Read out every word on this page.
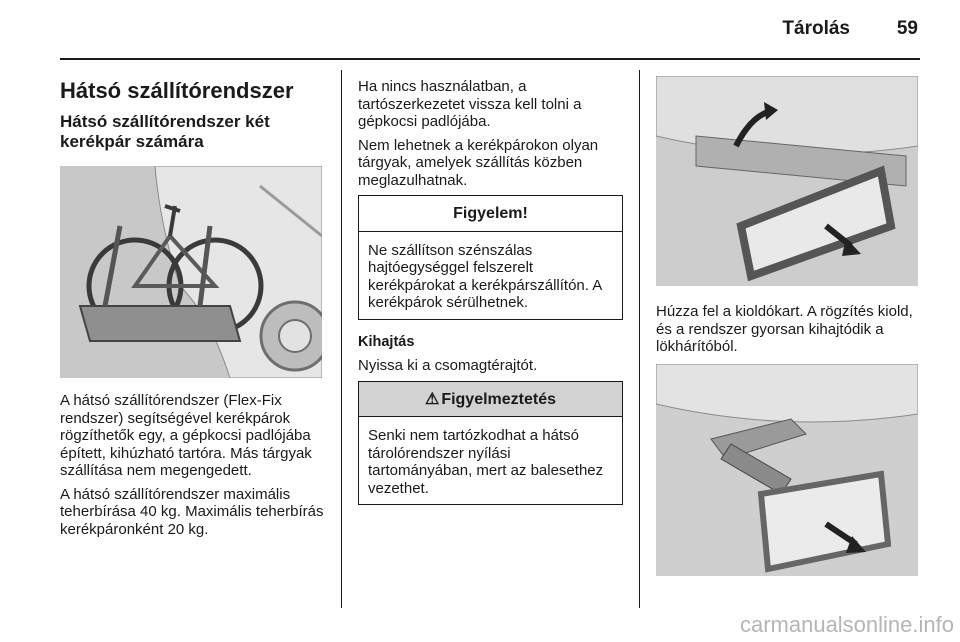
Tárolás	59
Hátsó szállítórendszer
Hátsó szállítórendszer két kerékpár számára

A hátsó szállítórendszer (Flex-Fix rendszer) segítségével kerékpárok rögzíthetők egy, a gépkocsi padlójába épített, kihúzható tartóra. Más tárgyak szállítása nem megengedett.

A hátsó szállítórendszer maximális teherbírása 40 kg. Maximális teherbírás kerékpáronként 20 kg.

Ha nincs használatban, a tartószerkezetet vissza kell tolni a gépkocsi padlójába.

Nem lehetnek a kerékpárokon olyan tárgyak, amelyek szállítás közben meglazulhatnak.

Figyelem!

Ne szállítson szénszálas hajtóegységgel felszerelt kerékpárokat a kerékpárszállítón. A kerékpárok sérülhetnek.

Kihajtás

Nyissa ki a csomagtérajtót.

⚠ Figyelmeztetés

Senki nem tartózkodhat a hátsó tárolórendszer nyílási tartományában, mert az balesethez vezethet.

Húzza fel a kioldókart. A rögzítés kiold, és a rendszer gyorsan kihajtódik a lökhárítóból.

carmanualsonline.info
